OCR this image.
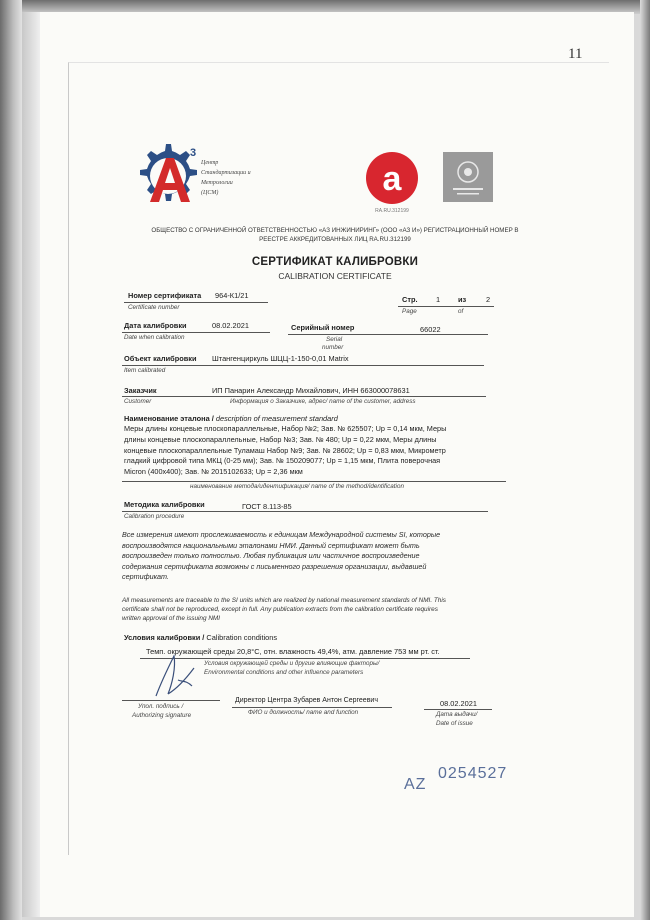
11
3
Центр
Стандартизации и
Метрологии
(ЦСМ)	a
RA.RU.312199
ОБЩЕСТВО С ОГРАНИЧЕННОЙ ОТВЕТСТВЕННОСТЬЮ «АЗ ИНЖИНИРИНГ» (ООО «АЗ И») РЕГИСТРАЦИОННЫЙ НОМЕР В
РЕЕСТРЕ АККРЕДИТОВАННЫХ ЛИЦ RA.RU.312199
СЕРТИФИКАТ КАЛИБРОВКИ
CALIBRATION CERTIFICATE
Номер сертификата 964-К1/21
Certificate number
Стр. 1 из	2
Page	of
Дата калибровки	08.02.2021
Date when calibration
Серийный номер	66022
Serial
number
Объект калибровки Штангенциркуль ШЦЦ-1-150-0,01 Matrix
Item calibrated
Заказчик	ИП Панарин Александр Михайлович, ИНН 663000078631
Customer	Информация о Заказчике, адрес/ name of the customer, address
Наименование эталона / description of measurement standard
Меры длины концевые плоскопараллельные, Набор №2; Зав. № 625507; Up = 0,14 мкм, Меры
длины концевые плоскопараллельные, Набор №3; Зав. № 480; Up = 0,22 мкм, Меры длины
концевые плоскопараллельные Туламаш Набор №9; Зав. № 28602; Up = 0,83 мкм, Микрометр
гладкий цифровой типа МКЦ (0-25 мм); Зав. № 150209077; Up = 1,15 мкм, Плита поверочная
Micron (400х400); Зав. № 2015102633; Up = 2,36 мкм
наименование метода/идентификация/ name of the method/identification
Методика калибровки	ГОСТ 8.113-85
Calibration procedure
Все измерения имеют прослеживаемость к единицам Международной системы SI, которые
воспроизводятся национальными эталонами НМИ. Данный сертификат может быть
воспроизведен только полностью. Любая публикация или частичное воспроизведение
содержания сертификата возможны с письменного разрешения организации, выдавшей
сертификат.
All measurements are traceable to the SI units which are realized by national measurement standards of NMI. This
certificate shall not be reproduced, except in full. Any publication extracts from the calibration certificate requires
written approval of the issuing NMI
Условия калибровки / Calibration conditions
Темп. окружающей среды 20,8°С, отн. влажность 49,4%, атм. давление 753 мм рт. ст.
Условия окружающей среды и другие влияющие факторы/
Environmental conditions and other influence parameters
Упол. подпись /
Authorizing signature
Директор Центра Зубарев Антон Сергеевич
ФИО и должность/ name and function
08.02.2021
Дата выдачи/
Date of issue
AZ
0254527
